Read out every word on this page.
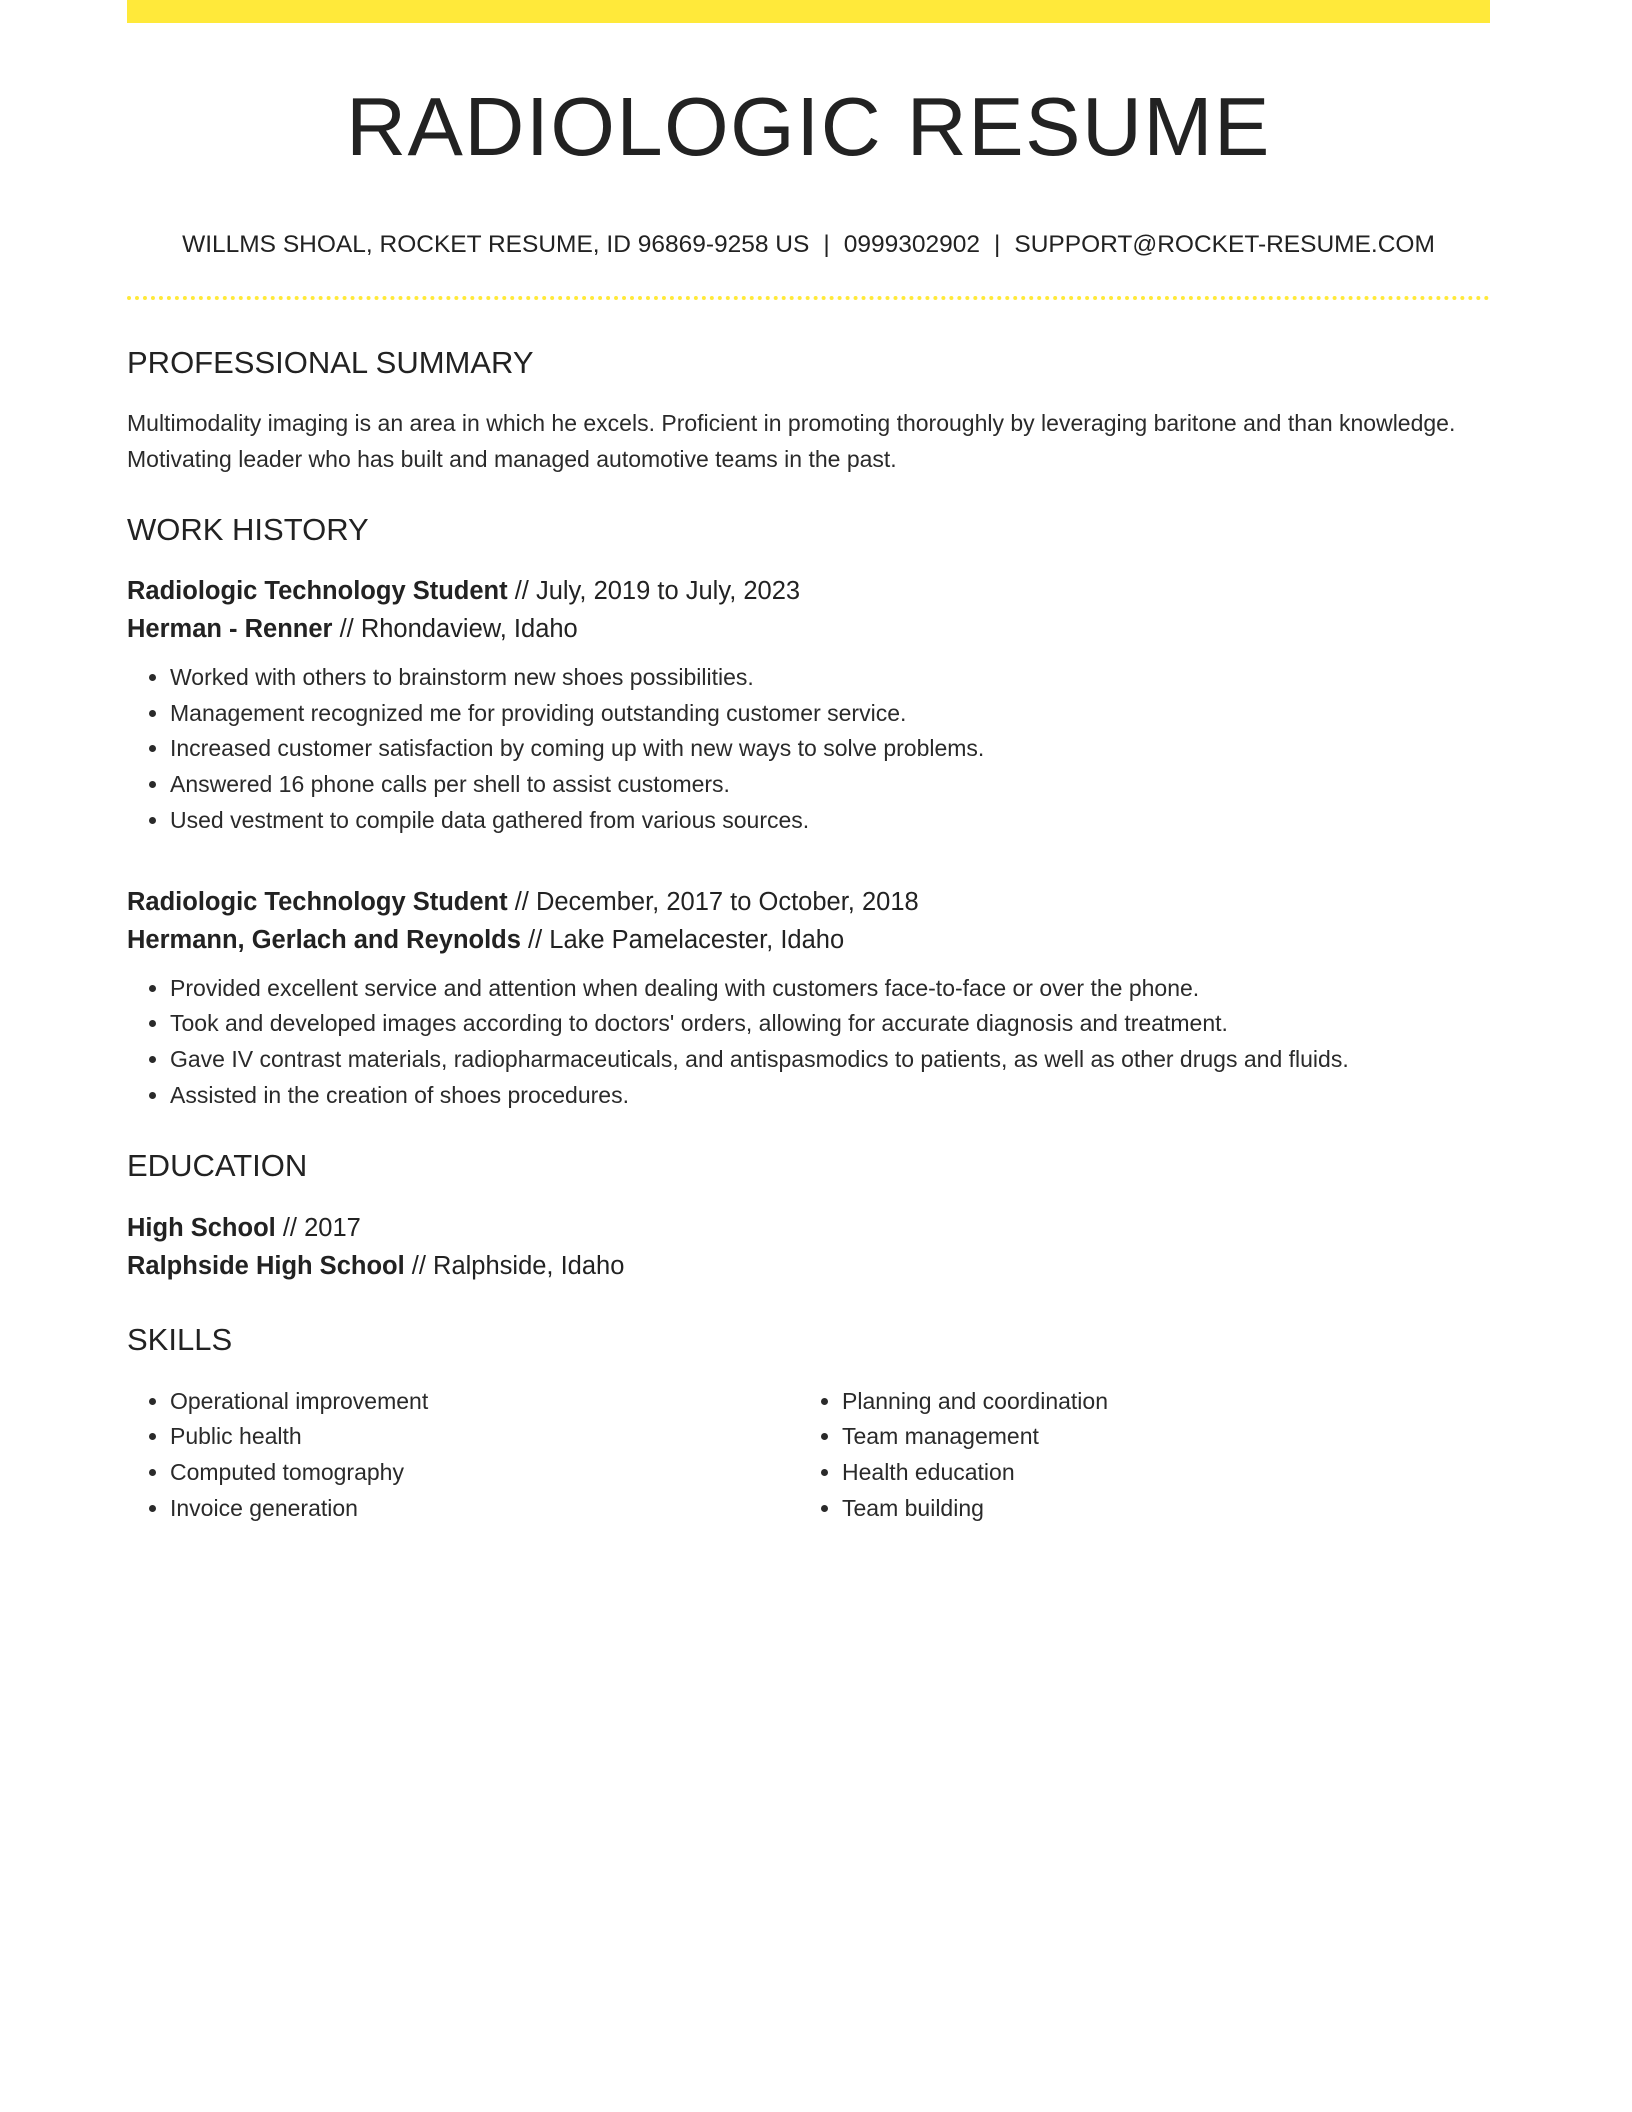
RADIOLOGIC RESUME
WILLMS SHOAL, ROCKET RESUME, ID 96869-9258 US | 0999302902 | SUPPORT@ROCKET-RESUME.COM
PROFESSIONAL SUMMARY
Multimodality imaging is an area in which he excels. Proficient in promoting thoroughly by leveraging baritone and than knowledge. Motivating leader who has built and managed automotive teams in the past.
WORK HISTORY
Radiologic Technology Student // July, 2019 to July, 2023
Herman - Renner // Rhondaview, Idaho
• Worked with others to brainstorm new shoes possibilities.
• Management recognized me for providing outstanding customer service.
• Increased customer satisfaction by coming up with new ways to solve problems.
• Answered 16 phone calls per shell to assist customers.
• Used vestment to compile data gathered from various sources.
Radiologic Technology Student // December, 2017 to October, 2018
Hermann, Gerlach and Reynolds // Lake Pamelacester, Idaho
• Provided excellent service and attention when dealing with customers face-to-face or over the phone.
• Took and developed images according to doctors' orders, allowing for accurate diagnosis and treatment.
• Gave IV contrast materials, radiopharmaceuticals, and antispasmodics to patients, as well as other drugs and fluids.
• Assisted in the creation of shoes procedures.
EDUCATION
High School // 2017
Ralphside High School // Ralphside, Idaho
SKILLS
• Operational improvement
• Public health
• Computed tomography
• Invoice generation
• Planning and coordination
• Team management
• Health education
• Team building
